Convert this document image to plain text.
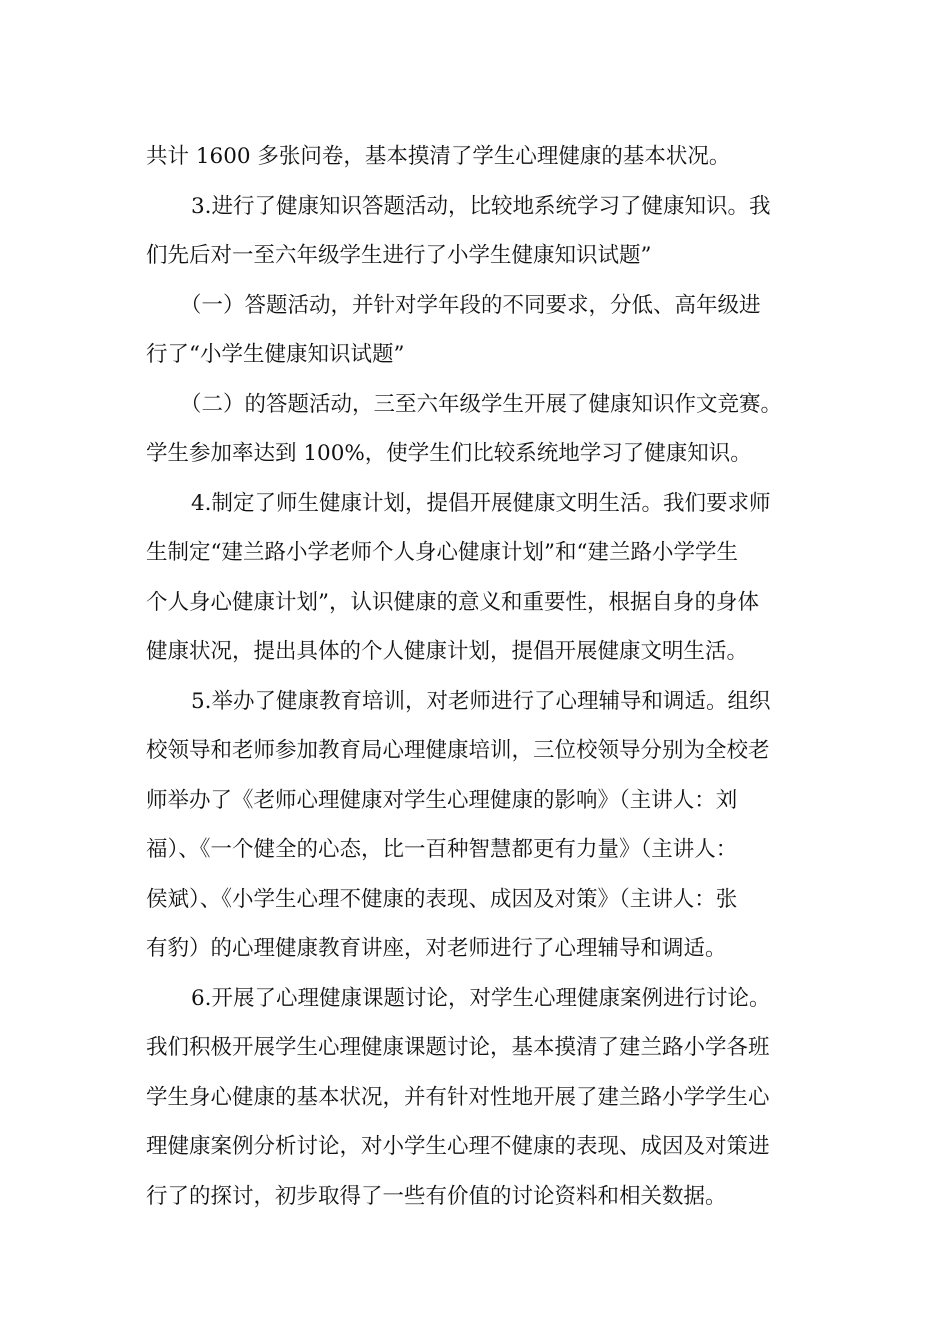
共计 1600 多张问卷，基本摸清了学生心理健康的基本状况。
3.进行了健康知识答题活动，比较地系统学习了健康知识。我
们先后对一至六年级学生进行了小学生健康知识试题”
（一）答题活动，并针对学年段的不同要求，分低、高年级进
行了“小学生健康知识试题”
（二）的答题活动，三至六年级学生开展了健康知识作文竞赛。
学生参加率达到 100%，使学生们比较系统地学习了健康知识。
4.制定了师生健康计划，提倡开展健康文明生活。我们要求师
生制定“建兰路小学老师个人身心健康计划”和“建兰路小学学生
个人身心健康计划”，认识健康的意义和重要性，根据自身的身体
健康状况，提出具体的个人健康计划，提倡开展健康文明生活。
5.举办了健康教育培训，对老师进行了心理辅导和调适。组织
校领导和老师参加教育局心理健康培训，三位校领导分别为全校老
师举办了《老师心理健康对学生心理健康的影响》（主讲人：刘
福）、《一个健全的心态，比一百种智慧都更有力量》（主讲人：
侯斌）、《小学生心理不健康的表现、成因及对策》（主讲人：张
有豹）的心理健康教育讲座，对老师进行了心理辅导和调适。
6.开展了心理健康课题讨论，对学生心理健康案例进行讨论。
我们积极开展学生心理健康课题讨论，基本摸清了建兰路小学各班
学生身心健康的基本状况，并有针对性地开展了建兰路小学学生心
理健康案例分析讨论，对小学生心理不健康的表现、成因及对策进
行了的探讨，初步取得了一些有价值的讨论资料和相关数据。
